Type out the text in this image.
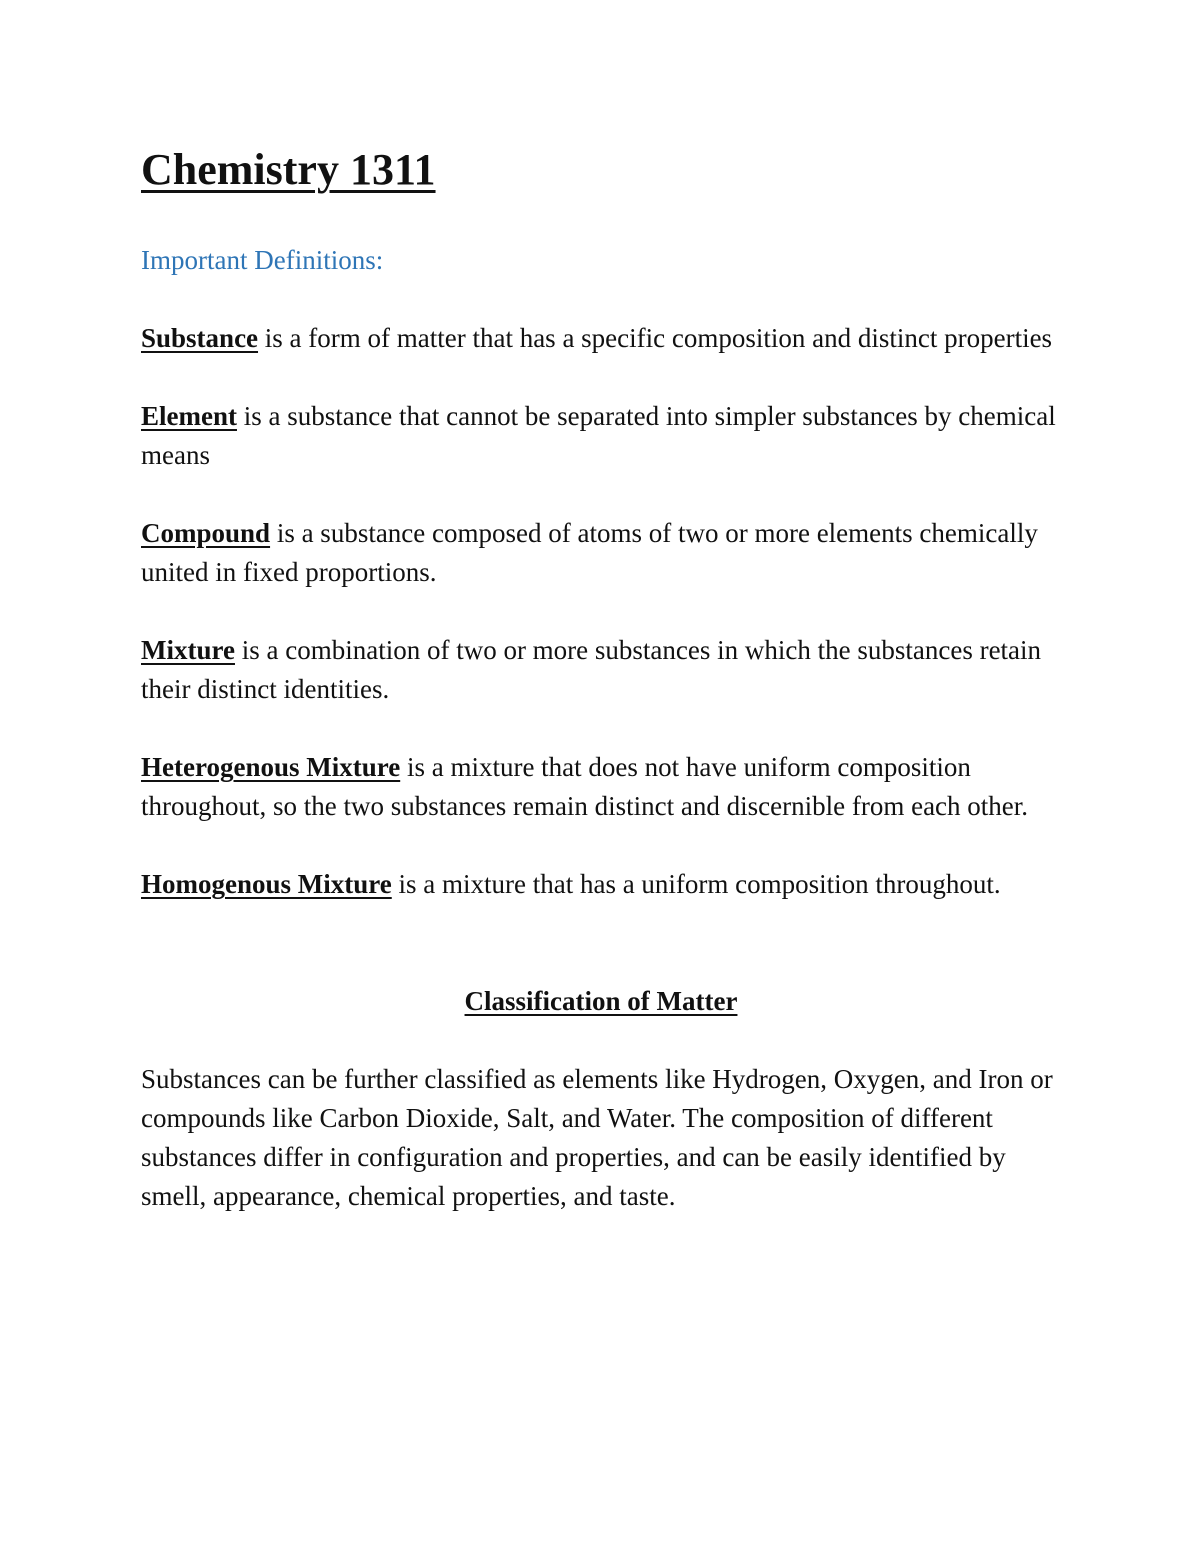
Chemistry 1311

Important Definitions:

Substance is a form of matter that has a specific composition and distinct properties

Element is a substance that cannot be separated into simpler substances by chemical means

Compound is a substance composed of atoms of two or more elements chemically united in fixed proportions.

Mixture is a combination of two or more substances in which the substances retain their distinct identities.

Heterogenous Mixture is a mixture that does not have uniform composition throughout, so the two substances remain distinct and discernible from each other.

Homogenous Mixture is a mixture that has a uniform composition throughout.

Classification of Matter

Substances can be further classified as elements like Hydrogen, Oxygen, and Iron or compounds like Carbon Dioxide, Salt, and Water. The composition of different substances differ in configuration and properties, and can be easily identified by smell, appearance, chemical properties, and taste.
